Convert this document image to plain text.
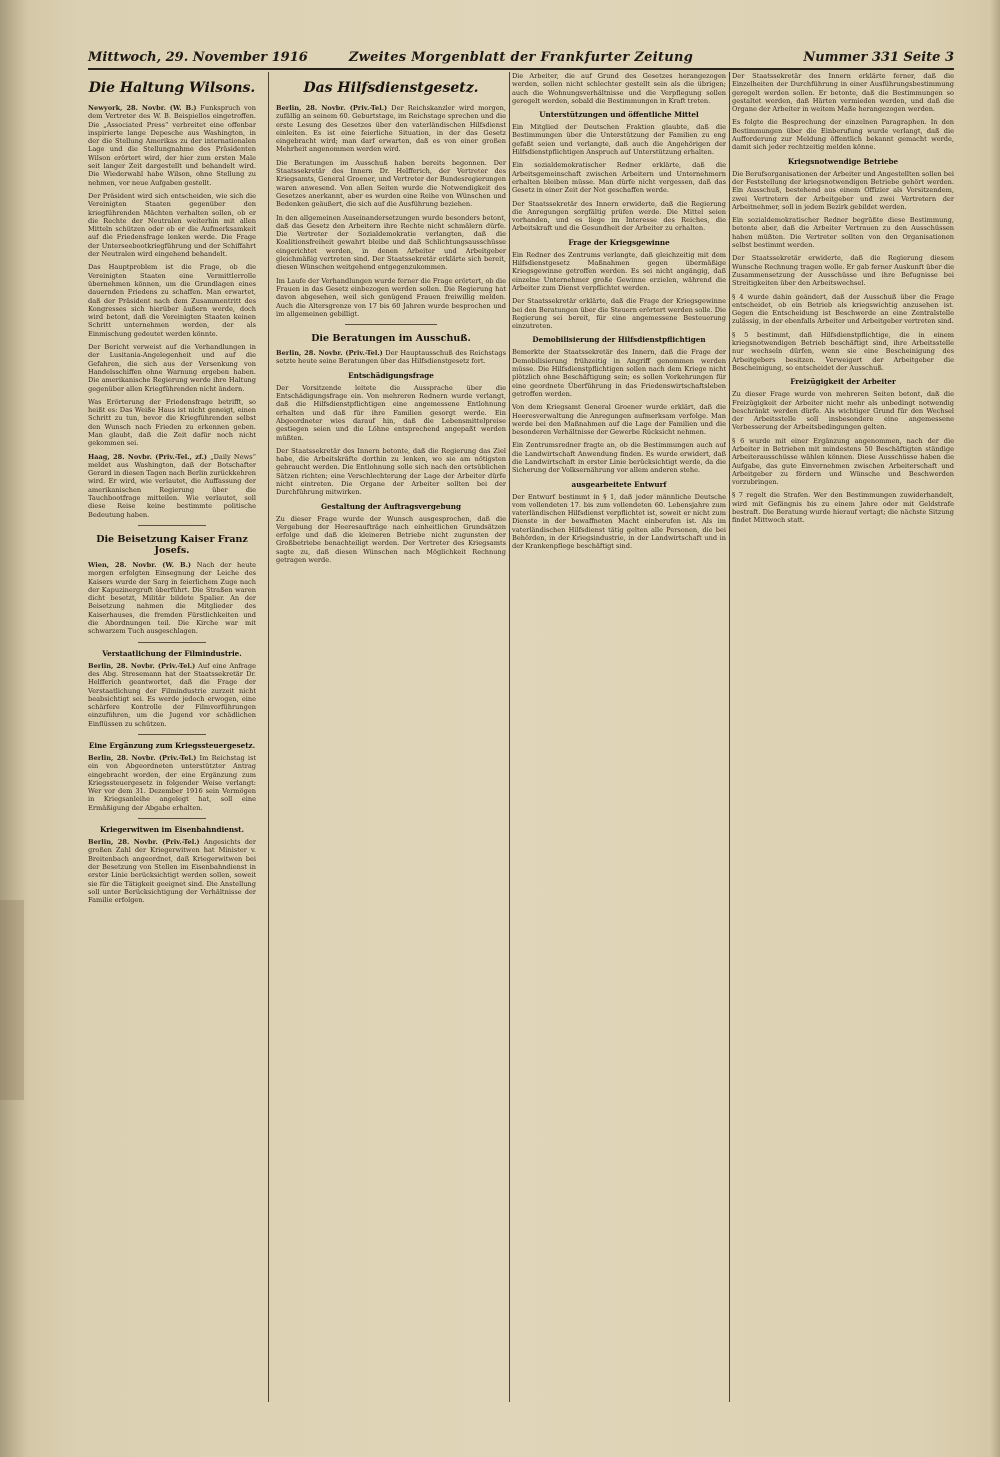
Mittwoch, 29. November 1916	Zweites Morgenblatt der Frankfurter Zeitung	Nummer 331 Seite 3
Die Haltung Wilsons.

Newyork, 28. Novbr. (W. B.) Funkspruch von dem Vertreter des W. B. Beispiellos eingetroffen. Die „Associated Press“ verbreitet eine offenbar inspirierte lange Depesche aus Washington, in der die Stellung Amerikas zu der internationalen Lage und die Stellungnahme des Präsidenten Wilson erörtert wird, der hier zum ersten Male seit langer Zeit dargestellt und behandelt wird. Die Wiederwahl habe Wilson, ohne Stellung zu nehmen, vor neue Aufgaben gestellt.

Der Präsident wird sich entscheiden, wie sich die Vereinigten Staaten gegenüber den kriegführenden Mächten verhalten sollen, ob er die Rechte der Neutralen weiterhin mit allen Mitteln schützen oder ob er die Aufmerksamkeit auf die Friedensfrage lenken werde. Die Frage der Unterseebootkriegführung und der Schiffahrt der Neutralen wird eingehend behandelt.

Das Hauptproblem ist die Frage, ob die Vereinigten Staaten eine Vermittlerrolle übernehmen können, um die Grundlagen eines dauernden Friedens zu schaffen. Man erwartet, daß der Präsident nach dem Zusammentritt des Kongresses sich hierüber äußern werde, doch wird betont, daß die Vereinigten Staaten keinen Schritt unternehmen werden, der als Einmischung gedeutet werden könnte.

Der Bericht verweist auf die Verhandlungen in der Lusitania-Angelegenheit und auf die Gefahren, die sich aus der Versenkung von Handelsschiffen ohne Warnung ergeben haben. Die amerikanische Regierung werde ihre Haltung gegenüber allen Kriegführenden nicht ändern.

Was Erörterung der Friedensfrage betrifft, so heißt es: Das Weiße Haus ist nicht geneigt, einen Schritt zu tun, bevor die Kriegführenden selbst den Wunsch nach Frieden zu erkennen geben. Man glaubt, daß die Zeit dafür noch nicht gekommen sei.

Haag, 28. Novbr. (Priv.-Tel., zf.) „Daily News“ meldet aus Washington, daß der Botschafter Gerard in diesen Tagen nach Berlin zurückkehren wird. Er wird, wie verlautet, die Auffassung der amerikanischen Regierung über die Tauchbootfrage mitteilen. Wie verlautet, soll diese Reise keine bestimmte politische Bedeutung haben.

Die Beisetzung Kaiser Franz Josefs.

Wien, 28. Novbr. (W. B.) Nach der heute morgen erfolgten Einsegnung der Leiche des Kaisers wurde der Sarg in feierlichem Zuge nach der Kapuzinergruft überführt. Die Straßen waren dicht besetzt, Militär bildete Spalier. An der Beisetzung nahmen die Mitglieder des Kaiserhauses, die fremden Fürstlichkeiten und die Abordnungen teil. Die Kirche war mit schwarzem Tuch ausgeschlagen.

Verstaatlichung der Filmindustrie.

Berlin, 28. Novbr. (Priv.-Tel.) Auf eine Anfrage des Abg. Stresemann hat der Staatssekretär Dr. Helfferich geantwortet, daß die Frage der Verstaatlichung der Filmindustrie zurzeit nicht beabsichtigt sei. Es werde jedoch erwogen, eine schärfere Kontrolle der Filmvorführungen einzuführen, um die Jugend vor schädlichen Einflüssen zu schützen.

Eine Ergänzung zum Kriegssteuergesetz.

Berlin, 28. Novbr. (Priv.-Tel.) Im Reichstag ist ein von Abgeordneten unterstützter Antrag eingebracht worden, der eine Ergänzung zum Kriegssteuergesetz in folgender Weise verlangt: Wer vor dem 31. Dezember 1916 sein Vermögen in Kriegsanleihe angelegt hat, soll eine Ermäßigung der Abgabe erhalten.

Kriegerwitwen im Eisenbahndienst.

Berlin, 28. Novbr. (Priv.-Tel.) Angesichts der großen Zahl der Kriegerwitwen hat Minister v. Breitenbach angeordnet, daß Kriegerwitwen bei der Besetzung von Stellen im Eisenbahndienst in erster Linie berücksichtigt werden sollen, soweit sie für die Tätigkeit geeignet sind. Die Anstellung soll unter Berücksichtigung der Verhältnisse der Familie erfolgen.

Das Hilfsdienstgesetz.

Berlin, 28. Novbr. (Priv.-Tel.) Der Reichskanzler wird morgen, zufällig an seinem 60. Geburtstage, im Reichstage sprechen und die erste Lesung des Gesetzes über den vaterländischen Hilfsdienst einleiten. Es ist eine feierliche Situation, in der das Gesetz eingebracht wird; man darf erwarten, daß es von einer großen Mehrheit angenommen werden wird.

Die Beratungen im Ausschuß haben bereits begonnen. Der Staatssekretär des Innern Dr. Helfferich, der Vertreter des Kriegsamts, General Groener, und Vertreter der Bundesregierungen waren anwesend. Von allen Seiten wurde die Notwendigkeit des Gesetzes anerkannt, aber es wurden eine Reihe von Wünschen und Bedenken geäußert, die sich auf die Ausführung beziehen.

In den allgemeinen Auseinandersetzungen wurde besonders betont, daß das Gesetz den Arbeitern ihre Rechte nicht schmälern dürfe. Die Vertreter der Sozialdemokratie verlangten, daß die Koalitionsfreiheit gewahrt bleibe und daß Schlichtungsausschüsse eingerichtet werden, in denen Arbeiter und Arbeitgeber gleichmäßig vertreten sind. Der Staatssekretär erklärte sich bereit, diesen Wünschen weitgehend entgegenzukommen.

Im Laufe der Verhandlungen wurde ferner die Frage erörtert, ob die Frauen in das Gesetz einbezogen werden sollen. Die Regierung hat davon abgesehen, weil sich genügend Frauen freiwillig melden. Auch die Altersgrenze von 17 bis 60 Jahren wurde besprochen und im allgemeinen gebilligt.

Die Beratungen im Ausschuß.

Berlin, 28. Novbr. (Priv.-Tel.) Der Hauptausschuß des Reichstags setzte heute seine Beratungen über das Hilfsdienstgesetz fort.

Entschädigungsfrage

Der Vorsitzende leitete die Aussprache über die Entschädigungsfrage ein. Von mehreren Rednern wurde verlangt, daß die Hilfsdienstpflichtigen eine angemessene Entlohnung erhalten und daß für ihre Familien gesorgt werde. Ein Abgeordneter wies darauf hin, daß die Lebensmittelpreise gestiegen seien und die Löhne entsprechend angepaßt werden müßten.

Der Staatssekretär des Innern betonte, daß die Regierung das Ziel habe, die Arbeitskräfte dorthin zu lenken, wo sie am nötigsten gebraucht werden. Die Entlohnung solle sich nach den ortsüblichen Sätzen richten; eine Verschlechterung der Lage der Arbeiter dürfe nicht eintreten. Die Organe der Arbeiter sollten bei der Durchführung mitwirken.

Gestaltung der Auftragsvergebung

Zu dieser Frage wurde der Wunsch ausgesprochen, daß die Vergebung der Heeresaufträge nach einheitlichen Grundsätzen erfolge und daß die kleineren Betriebe nicht zugunsten der Großbetriebe benachteiligt werden. Der Vertreter des Kriegsamts sagte zu, daß diesen Wünschen nach Möglichkeit Rechnung getragen werde.

Die Arbeiter, die auf Grund des Gesetzes herangezogen werden, sollen nicht schlechter gestellt sein als die übrigen; auch die Wohnungsverhältnisse und die Verpflegung sollen geregelt werden, sobald die Bestimmungen in Kraft treten.

Unterstützungen und öffentliche Mittel

Ein Mitglied der Deutschen Fraktion glaubte, daß die Bestimmungen über die Unterstützung der Familien zu eng gefaßt seien und verlangte, daß auch die Angehörigen der Hilfsdienstpflichtigen Anspruch auf Unterstützung erhalten.

Ein sozialdemokratischer Redner erklärte, daß die Arbeitsgemeinschaft zwischen Arbeitern und Unternehmern erhalten bleiben müsse. Man dürfe nicht vergessen, daß das Gesetz in einer Zeit der Not geschaffen werde.

Der Staatssekretär des Innern erwiderte, daß die Regierung die Anregungen sorgfältig prüfen werde. Die Mittel seien vorhanden, und es liege im Interesse des Reiches, die Arbeitskraft und die Gesundheit der Arbeiter zu erhalten.

Frage der Kriegsgewinne

Ein Redner des Zentrums verlangte, daß gleichzeitig mit dem Hilfsdienstgesetz Maßnahmen gegen übermäßige Kriegsgewinne getroffen werden. Es sei nicht angängig, daß einzelne Unternehmer große Gewinne erzielen, während die Arbeiter zum Dienst verpflichtet werden.

Der Staatssekretär erklärte, daß die Frage der Kriegsgewinne bei den Beratungen über die Steuern erörtert werden solle. Die Regierung sei bereit, für eine angemessene Besteuerung einzutreten.

Demobilisierung der Hilfsdienstpflichtigen

Bemerkte der Staatssekretär des Innern, daß die Frage der Demobilisierung frühzeitig in Angriff genommen werden müsse. Die Hilfsdienstpflichtigen sollen nach dem Kriege nicht plötzlich ohne Beschäftigung sein; es sollen Vorkehrungen für eine geordnete Überführung in das Friedenswirtschaftsleben getroffen werden.

Von dem Kriegsamt General Groener wurde erklärt, daß die Heeresverwaltung die Anregungen aufmerksam verfolge. Man werde bei den Maßnahmen auf die Lage der Familien und die besonderen Verhältnisse der Gewerbe Rücksicht nehmen.

Ein Zentrumsredner fragte an, ob die Bestimmungen auch auf die Landwirtschaft Anwendung finden. Es wurde erwidert, daß die Landwirtschaft in erster Linie berücksichtigt werde, da die Sicherung der Volksernährung vor allem anderen stehe.

ausgearbeitete Entwurf

Der Entwurf bestimmt in § 1, daß jeder männliche Deutsche vom vollendeten 17. bis zum vollendeten 60. Lebensjahre zum vaterländischen Hilfsdienst verpflichtet ist, soweit er nicht zum Dienste in der bewaffneten Macht einberufen ist. Als im vaterländischen Hilfsdienst tätig gelten alle Personen, die bei Behörden, in der Kriegsindustrie, in der Landwirtschaft und in der Krankenpflege beschäftigt sind.

Der Staatssekretär des Innern erklärte ferner, daß die Einzelheiten der Durchführung in einer Ausführungsbestimmung geregelt werden sollen. Er betonte, daß die Bestimmungen so gestaltet werden, daß Härten vermieden werden, und daß die Organe der Arbeiter in weitem Maße herangezogen werden.

Es folgte die Besprechung der einzelnen Paragraphen. In den Bestimmungen über die Einberufung wurde verlangt, daß die Aufforderung zur Meldung öffentlich bekannt gemacht werde, damit sich jeder rechtzeitig melden könne.

Kriegsnotwendige Betriebe

Die Berufsorganisationen der Arbeiter und Angestellten sollen bei der Feststellung der kriegsnotwendigen Betriebe gehört werden. Ein Ausschuß, bestehend aus einem Offizier als Vorsitzendem, zwei Vertretern der Arbeitgeber und zwei Vertretern der Arbeitnehmer, soll in jedem Bezirk gebildet werden.

Ein sozialdemokratischer Redner begrüßte diese Bestimmung, betonte aber, daß die Arbeiter Vertrauen zu den Ausschüssen haben müßten. Die Vertreter sollten von den Organisationen selbst bestimmt werden.

Der Staatssekretär erwiderte, daß die Regierung diesem Wunsche Rechnung tragen wolle. Er gab ferner Auskunft über die Zusammensetzung der Ausschüsse und ihre Befugnisse bei Streitigkeiten über den Arbeitswechsel.

§ 4 wurde dahin geändert, daß der Ausschuß über die Frage entscheidet, ob ein Betrieb als kriegswichtig anzusehen ist. Gegen die Entscheidung ist Beschwerde an eine Zentralstelle zulässig, in der ebenfalls Arbeiter und Arbeitgeber vertreten sind.

§ 5 bestimmt, daß Hilfsdienstpflichtige, die in einem kriegsnotwendigen Betrieb beschäftigt sind, ihre Arbeitsstelle nur wechseln dürfen, wenn sie eine Bescheinigung des Arbeitgebers besitzen. Verweigert der Arbeitgeber die Bescheinigung, so entscheidet der Ausschuß.

Freizügigkeit der Arbeiter

Zu dieser Frage wurde von mehreren Seiten betont, daß die Freizügigkeit der Arbeiter nicht mehr als unbedingt notwendig beschränkt werden dürfe. Als wichtiger Grund für den Wechsel der Arbeitsstelle soll insbesondere eine angemessene Verbesserung der Arbeitsbedingungen gelten.

§ 6 wurde mit einer Ergänzung angenommen, nach der die Arbeiter in Betrieben mit mindestens 50 Beschäftigten ständige Arbeiterausschüsse wählen können. Diese Ausschüsse haben die Aufgabe, das gute Einvernehmen zwischen Arbeiterschaft und Arbeitgeber zu fördern und Wünsche und Beschwerden vorzubringen.

§ 7 regelt die Strafen. Wer den Bestimmungen zuwiderhandelt, wird mit Gefängnis bis zu einem Jahre oder mit Geldstrafe bestraft. Die Beratung wurde hierauf vertagt; die nächste Sitzung findet Mittwoch statt.
